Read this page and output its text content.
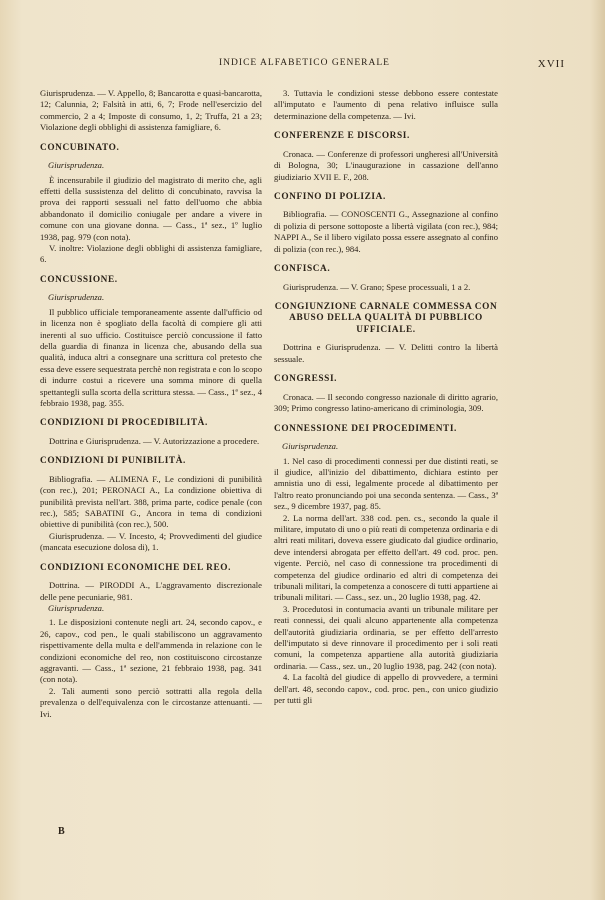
INDICE ALFABETICO GENERALE	XVII

Giurisprudenza. — V. Appello, 8; Bancarotta e quasi-bancarotta, 12; Calunnia, 2; Falsità in atti, 6, 7; Frode nell'esercizio del commercio, 2 a 4; Imposte di consumo, 1, 2; Truffa, 21 a 23; Violazione degli obblighi di assistenza famigliare, 6.

CONCUBINATO.
Giurisprudenza.

È incensurabile il giudizio del magistrato di merito che, agli effetti della sussistenza del delitto di concubinato, ravvisa la prova dei rapporti sessuali nel fatto dell'uomo che abbia abbandonato il domicilio coniugale per andare a vivere in comune con una giovane donna. — Cass., 1ª sez., 1º luglio 1938, pag. 979 (con nota).

V. inoltre: Violazione degli obblighi di assistenza famigliare, 6.

CONCUSSIONE.
Giurisprudenza.

Il pubblico ufficiale temporaneamente assente dall'ufficio od in licenza non è spogliato della facoltà di compiere gli atti inerenti al suo ufficio. Costituisce perciò concussione il fatto della guardia di finanza in licenza che, abusando della sua qualità, induca altri a consegnare una scrittura col pretesto che essa deve essere sequestrata perchè non registrata e con lo scopo di indurre costui a ricevere una somma minore di quella spettantegli sulla scorta della scrittura stessa. — Cass., 1ª sez., 4 febbraio 1938, pag. 355.

CONDIZIONI DI PROCEDIBILITÀ.

Dottrina e Giurisprudenza. — V. Autorizzazione a procedere.

CONDIZIONI DI PUNIBILITÀ.

Bibliografia. — ALIMENA F., Le condizioni di punibilità (con rec.), 201; PERONACI A., La condizione obiettiva di punibilità prevista nell'art. 388, prima parte, codice penale (con rec.), 585; SABATINI G., Ancora in tema di condizioni obiettive di punibilità (con rec.), 500.

Giurisprudenza. — V. Incesto, 4; Provvedimenti del giudice (mancata esecuzione dolosa di), 1.

CONDIZIONI ECONOMICHE DEL REO.

Dottrina. — PIRODDI A., L'aggravamento discrezionale delle pene pecuniarie, 981.

Giurisprudenza.

1. Le disposizioni contenute negli art. 24, secondo capov., e 26, capov., cod pen., le quali stabiliscono un aggravamento rispettivamente della multa e dell'ammenda in relazione con le condizioni economiche del reo, non costituiscono circostanze aggravanti. — Cass., 1ª sezione, 21 febbraio 1938, pag. 341 (con nota).

2. Tali aumenti sono perciò sottratti alla regola della prevalenza o dell'equivalenza con le circostanze attenuanti. — Ivi.

3. Tuttavia le condizioni stesse debbono essere contestate all'imputato e l'aumento di pena relativo influisce sulla determinazione della competenza. — Ivi.

CONFERENZE E DISCORSI.

Cronaca. — Conferenze di professori ungheresi all'Università di Bologna, 30; L'inaugurazione in cassazione dell'anno giudiziario XVII E. F., 208.

CONFINO DI POLIZIA.

Bibliografia. — CONOSCENTI G., Assegnazione al confino di polizia di persone sottoposte a libertà vigilata (con rec.), 984; NAPPI A., Se il libero vigilato possa essere assegnato al confino di polizia (con rec.), 984.

CONFISCA.

Giurisprudenza. — V. Grano; Spese processuali, 1 a 2.

CONGIUNZIONE CARNALE COMMESSA CON ABUSO DELLA QUALITÀ DI PUBBLICO UFFICIALE.

Dottrina e Giurisprudenza. — V. Delitti contro la libertà sessuale.

CONGRESSI.

Cronaca. — Il secondo congresso nazionale di diritto agrario, 309; Primo congresso latino-americano di criminologia, 309.

CONNESSIONE DEI PROCEDIMENTI.
Giurisprudenza.

1. Nel caso di procedimenti connessi per due distinti reati, se il giudice, all'inizio del dibattimento, dichiara estinto per amnistia uno di essi, legalmente procede al dibattimento per l'altro reato pronunciando poi una seconda sentenza. — Cass., 3ª sez., 9 dicembre 1937, pag. 85.

2. La norma dell'art. 338 cod. pen. cs., secondo la quale il militare, imputato di uno o più reati di competenza ordinaria e di altri reati militari, doveva essere giudicato dal giudice ordinario, deve intendersi abrogata per effetto dell'art. 49 cod. proc. pen. vigente. Perciò, nel caso di connessione tra procedimenti di competenza del giudice ordinario ed altri di competenza dei tribunali militari, la competenza a conoscere di tutti appartiene ai tribunali militari. — Cass., sez. un., 20 luglio 1938, pag. 42.

3. Procedutosi in contumacia avanti un tribunale militare per reati connessi, dei quali alcuno appartenente alla competenza dell'autorità giudiziaria ordinaria, se per effetto dell'arresto dell'imputato si deve rinnovare il procedimento per i soli reati comuni, la competenza appartiene alla autorità giudiziaria ordinaria. — Cass., sez. un., 20 luglio 1938, pag. 242 (con nota).

4. La facoltà del giudice di appello di provvedere, a termini dell'art. 48, secondo capov., cod. proc. pen., con unico giudizio per tutti gli

B
